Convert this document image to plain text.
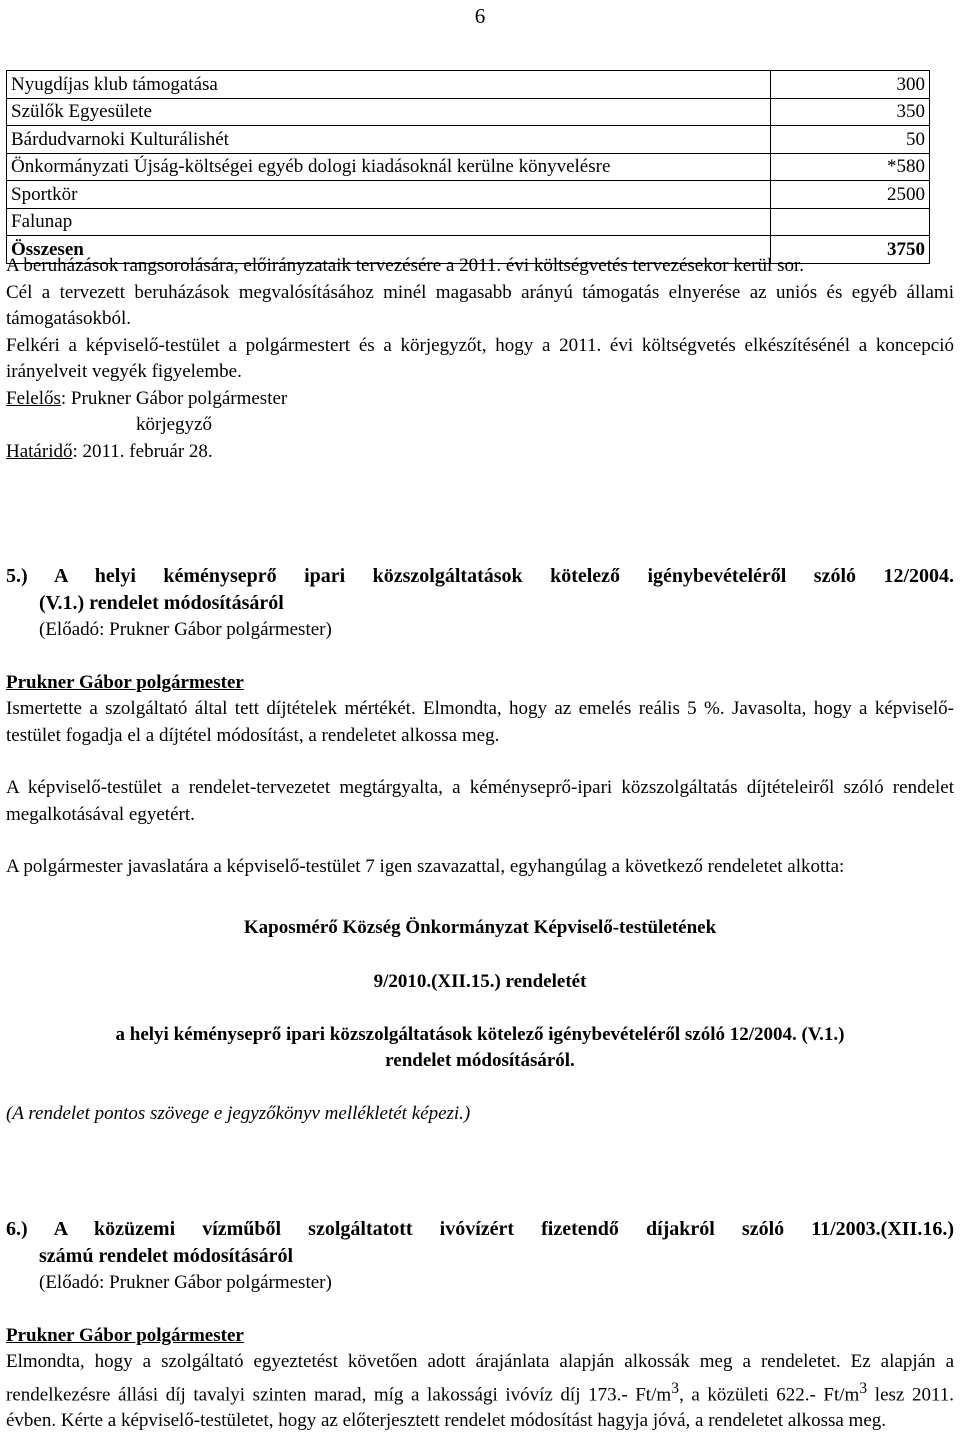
6
Nyugdíjas klub támogatása	300
Szülők Egyesülete	350
Bárdudvarnoki Kulturálishét	50
Önkormányzati Újság-költségei egyéb dologi kiadásoknál kerülne könyvelésre	*580
Sportkör	2500
Falunap	
Összesen	3750

A beruházások rangsorolására, előirányzataik tervezésére a 2011. évi költségvetés tervezésekor kerül sor.

Cél a tervezett beruházások megvalósításához minél magasabb arányú támogatás elnyerése az uniós és egyéb állami támogatásokból.

Felkéri a képviselő-testület a polgármestert és a körjegyzőt, hogy a 2011. évi költségvetés elkészítésénél a koncepció irányelveit vegyék figyelembe.

Felelős: Prukner Gábor polgármester

körjegyző

Határidő: 2011. február 28.

5.) A helyi kéményseprő ipari közszolgáltatások kötelező igénybevételéről szóló 12/2004.

(V.1.) rendelet módosításáról

(Előadó: Prukner Gábor polgármester)

Prukner Gábor polgármester

Ismertette a szolgáltató által tett díjtételek mértékét. Elmondta, hogy az emelés reális 5 %. Javasolta, hogy a képviselő-testület fogadja el a díjtétel módosítást, a rendeletet alkossa meg.

A képviselő-testület a rendelet-tervezetet megtárgyalta, a kéményseprő-ipari közszolgáltatás díjtételeiről szóló rendelet megalkotásával egyetért.

A polgármester javaslatára a képviselő-testület 7 igen szavazattal, egyhangúlag a következő rendeletet alkotta:

Kaposmérő Község Önkormányzat Képviselő-testületének

9/2010.(XII.15.) rendeletét

a helyi kéményseprő ipari közszolgáltatások kötelező igénybevételéről szóló 12/2004. (V.1.)

rendelet módosításáról.

(A rendelet pontos szövege e jegyzőkönyv mellékletét képezi.)

6.) A közüzemi vízműből szolgáltatott ivóvízért fizetendő díjakról szóló 11/2003.(XII.16.)

számú rendelet módosításáról

(Előadó: Prukner Gábor polgármester)

Prukner Gábor polgármester

Elmondta, hogy a szolgáltató egyeztetést követően adott árajánlata alapján alkossák meg a rendeletet. Ez alapján a rendelkezésre állási díj tavalyi szinten marad, míg a lakossági ivóvíz díj 173.- $Ft/m^3$, a közületi 622.- $Ft/m^3$ lesz 2011. évben. Kérte a képviselő-testületet, hogy az előterjesztett rendelet módosítást hagyja jóvá, a rendeletet alkossa meg.
